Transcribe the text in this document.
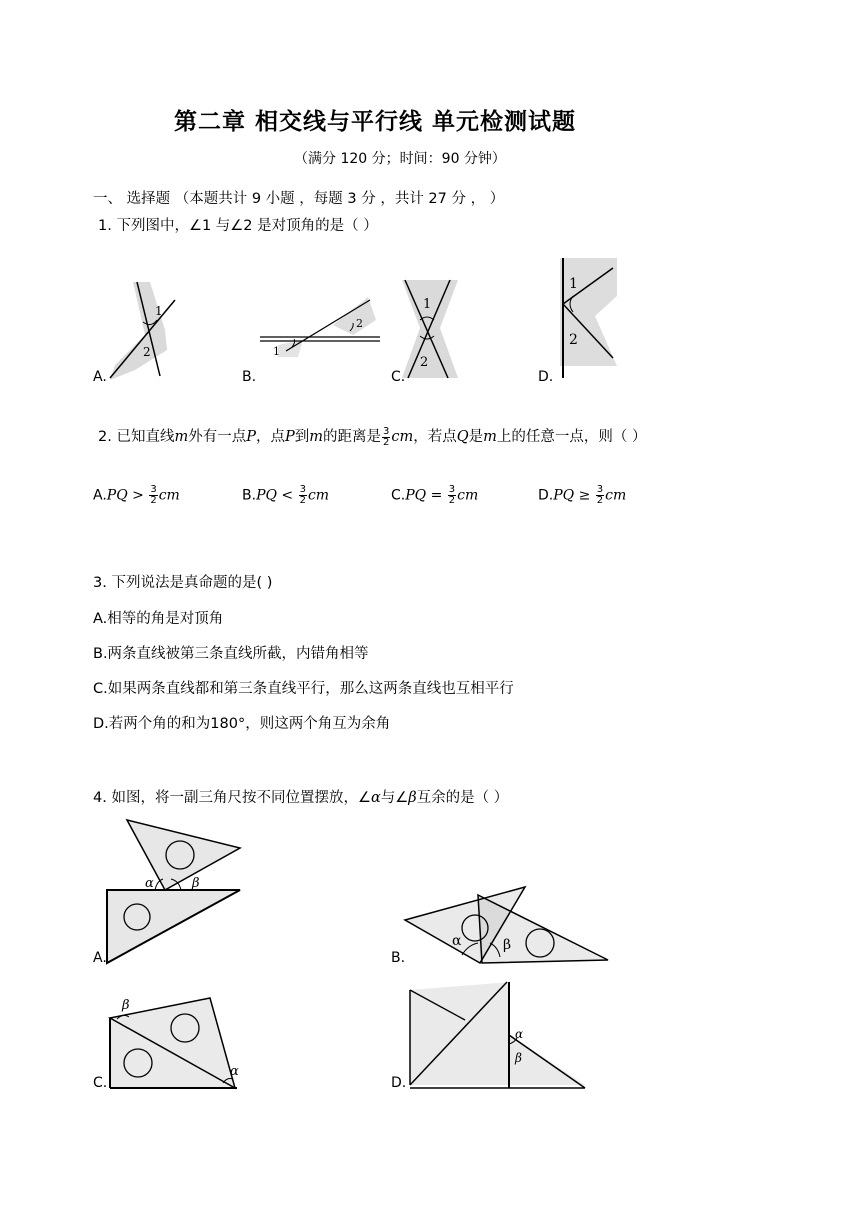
第二章 相交线与平行线 单元检测试题
（满分 120 分；时间：90 分钟）
一、 选择题 （本题共计 9 小题 ，每题 3 分 ，共计 27 分 ， ）
1. 下列图中，∠1 与∠2 是对顶角的是（ ）
1
2
A.
1
2
B.
1
2
C.
1
2
D.
2. 已知直线m外有一点P，点P到m的距离是 $\frac{3}{2}$ cm，若点Q是m上的任意一点，则（ ）
$A.PQ > \frac{3}{2}$ cm	$B.PQ < \frac{3}{2}$ cm	$C.PQ = \frac{3}{2}$ cm	$D.PQ \ge \frac{3}{2}$ cm
3. 下列说法是真命题的是( )
A.相等的角是对顶角
B.两条直线被第三条直线所截，内错角相等
C.如果两条直线都和第三条直线平行，那么这两条直线也互相平行
D.若两个角的和为180°，则这两个角互为余角
4. 如图，将一副三角尺按不同位置摆放，∠α与∠β互余的是（ ）
α	β
A.
α	β
B.
β
α
C.
α
β
D.
